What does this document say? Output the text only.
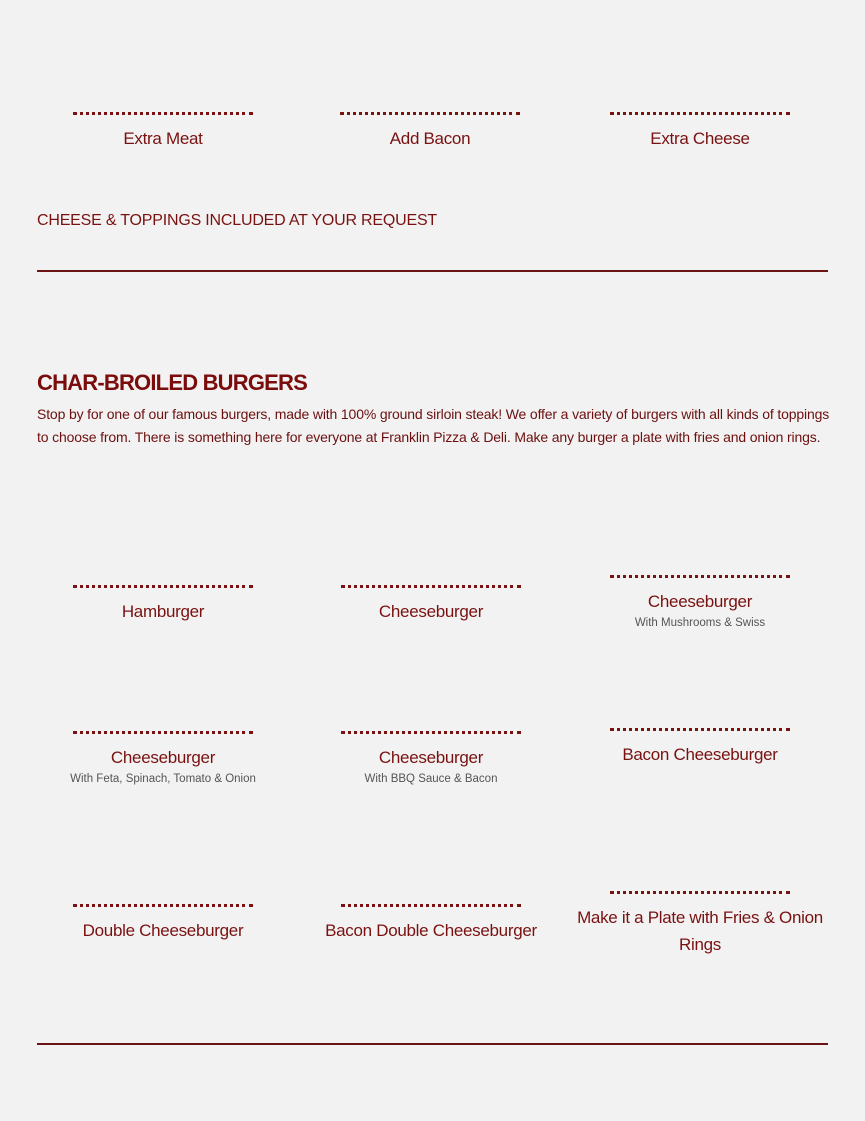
Extra Meat	Add Bacon	Extra Cheese
CHEESE & TOPPINGS INCLUDED AT YOUR REQUEST
CHAR-BROILED BURGERS
Stop by for one of our famous burgers, made with 100% ground sirloin steak! We offer a variety of burgers with all kinds of toppings to choose from. There is something here for everyone at Franklin Pizza & Deli. Make any burger a plate with fries and onion rings.
Hamburger	Cheeseburger
Cheeseburger
With Mushrooms & Swiss
Cheeseburger
With Feta, Spinach, Tomato & Onion
Cheeseburger
With BBQ Sauce & Bacon
Bacon Cheeseburger
Double Cheeseburger	Bacon Double Cheeseburger
Make it a Plate with Fries & Onion Rings
